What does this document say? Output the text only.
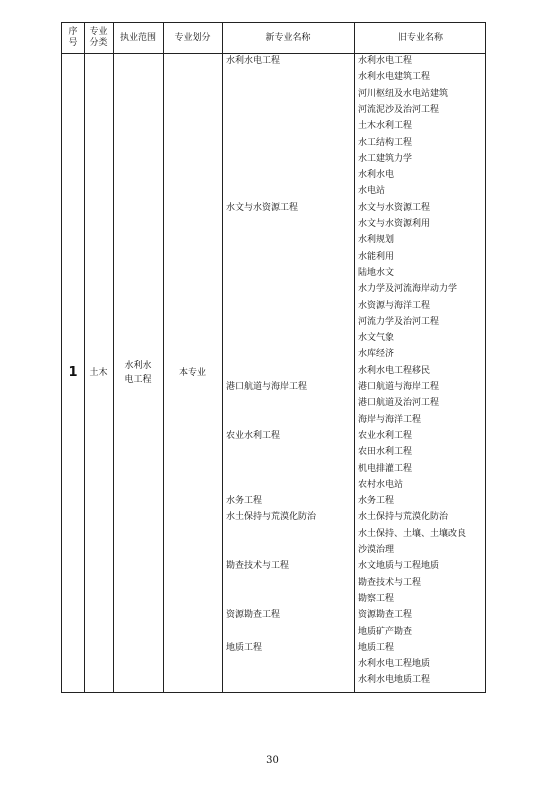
序号
专业分类
执业范围 专业划分	新专业名称	旧专业名称
1 土木
水利水电工程
本专业
水利水电工程
水文与水资源工程
港口航道与海岸工程
农业水利工程
水务工程
水土保持与荒漠化防治
勘查技术与工程
资源勘查工程
地质工程
水利水电工程
水利水电建筑工程
河川枢纽及水电站建筑
河流泥沙及治河工程
土木水利工程
水工结构工程
水工建筑力学
水利水电
水电站
水文与水资源工程
水文与水资源利用
水利规划
水能利用
陆地水文
水力学及河流海岸动力学
水资源与海洋工程
河流力学及治河工程
水文气象
水库经济
水利水电工程移民
港口航道与海岸工程
港口航道及治河工程
海岸与海洋工程
农业水利工程
农田水利工程
机电排灌工程
农村水电站
水务工程
水土保持与荒漠化防治
水土保持、土壤、土壤改良
沙漠治理
水文地质与工程地质
勘查技术与工程
勘察工程
资源勘查工程
地质矿产勘查
地质工程
水利水电工程地质
水利水电地质工程
30
